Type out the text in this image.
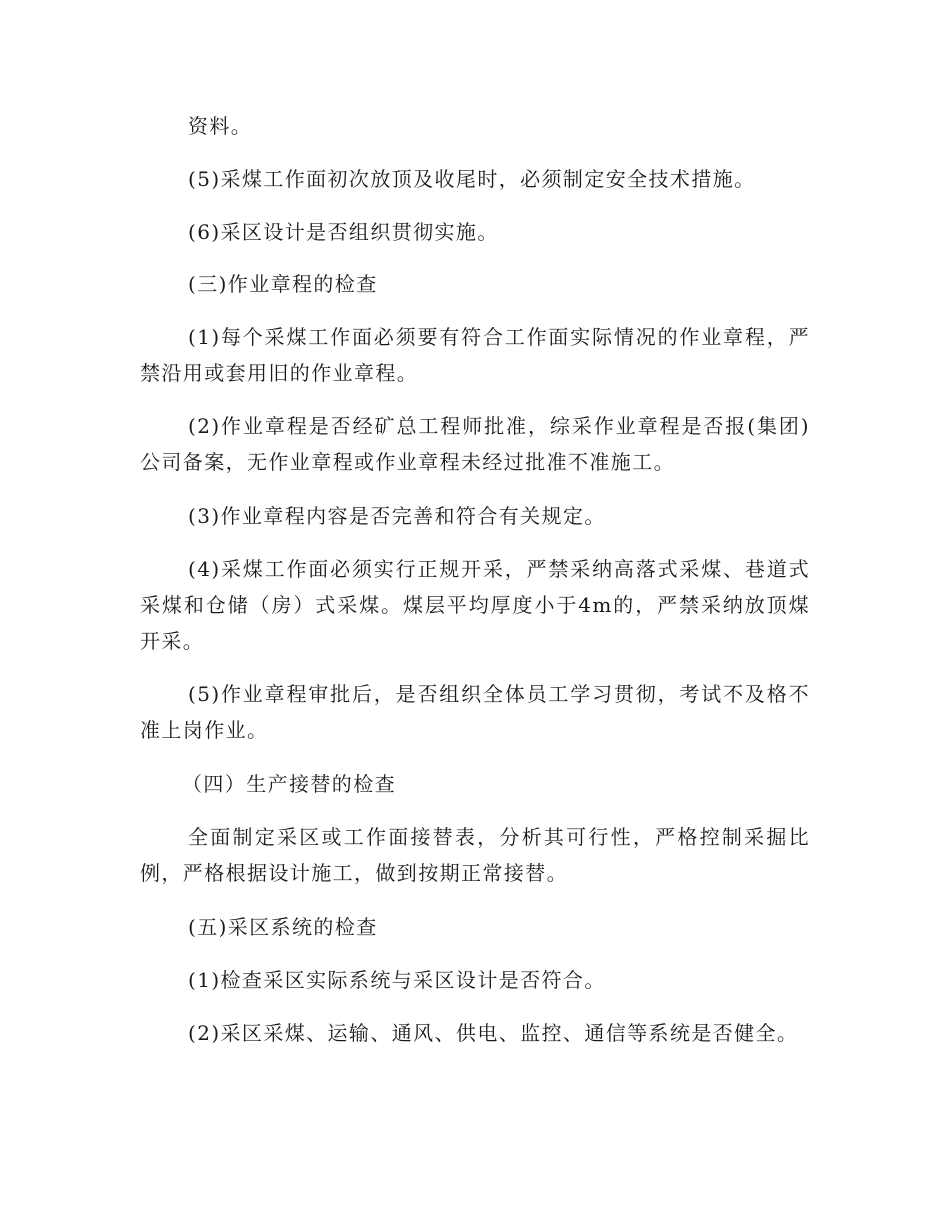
资料。

(5)采煤工作面初次放顶及收尾时，必须制定安全技术措施。

(6)采区设计是否组织贯彻实施。

(三)作业章程的检查

(1)每个采煤工作面必须要有符合工作面实际情况的作业章程，严禁沿用或套用旧的作业章程。

(2)作业章程是否经矿总工程师批准，综采作业章程是否报(集团)公司备案，无作业章程或作业章程未经过批准不准施工。

(3)作业章程内容是否完善和符合有关规定。

(4)采煤工作面必须实行正规开采，严禁采纳高落式采煤、巷道式采煤和仓储（房）式采煤。煤层平均厚度小于4m的，严禁采纳放顶煤开采。

(5)作业章程审批后，是否组织全体员工学习贯彻，考试不及格不准上岗作业。

（四）生产接替的检查

全面制定采区或工作面接替表，分析其可行性，严格控制采掘比例，严格根据设计施工，做到按期正常接替。

(五)采区系统的检查

(1)检查采区实际系统与采区设计是否符合。

(2)采区采煤、运输、通风、供电、监控、通信等系统是否健全。
